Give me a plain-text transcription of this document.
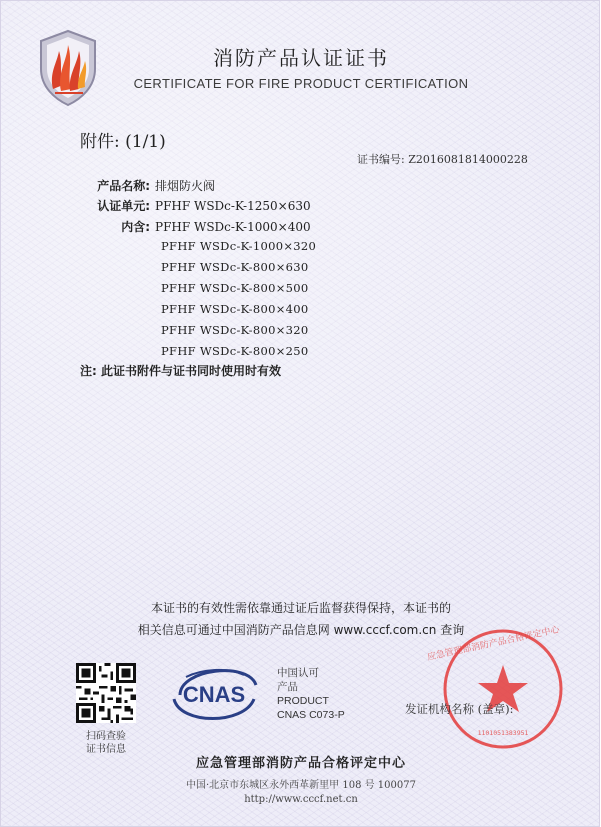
消防产品认证证书
CERTIFICATE FOR FIRE PRODUCT CERTIFICATION
附件: (1/1)
证书编号: Z2016081814000228
产品名称: 排烟防火阀
认证单元: PFHF WSDc-K-1250×630
内含: PFHF WSDc-K-1000×400
PFHF WSDc-K-1000×320
PFHF WSDc-K-800×630
PFHF WSDc-K-800×500
PFHF WSDc-K-800×400
PFHF WSDc-K-800×320
PFHF WSDc-K-800×250
注: 此证书附件与证书同时使用时有效
本证书的有效性需依靠通过证后监督获得保持，本证书的
相关信息可通过中国消防产品信息网 www.cccf.com.cn 查询
扫码查验
证书信息
CNAS
中国认可
产品
PRODUCT
CNAS C073-P
应急管理部消防产品合格评定中心
1101051383951
发证机构名称 (盖章):
应急管理部消防产品合格评定中心
中国·北京市东城区永外西革新里甲 108 号 100077
http://www.cccf.net.cn
